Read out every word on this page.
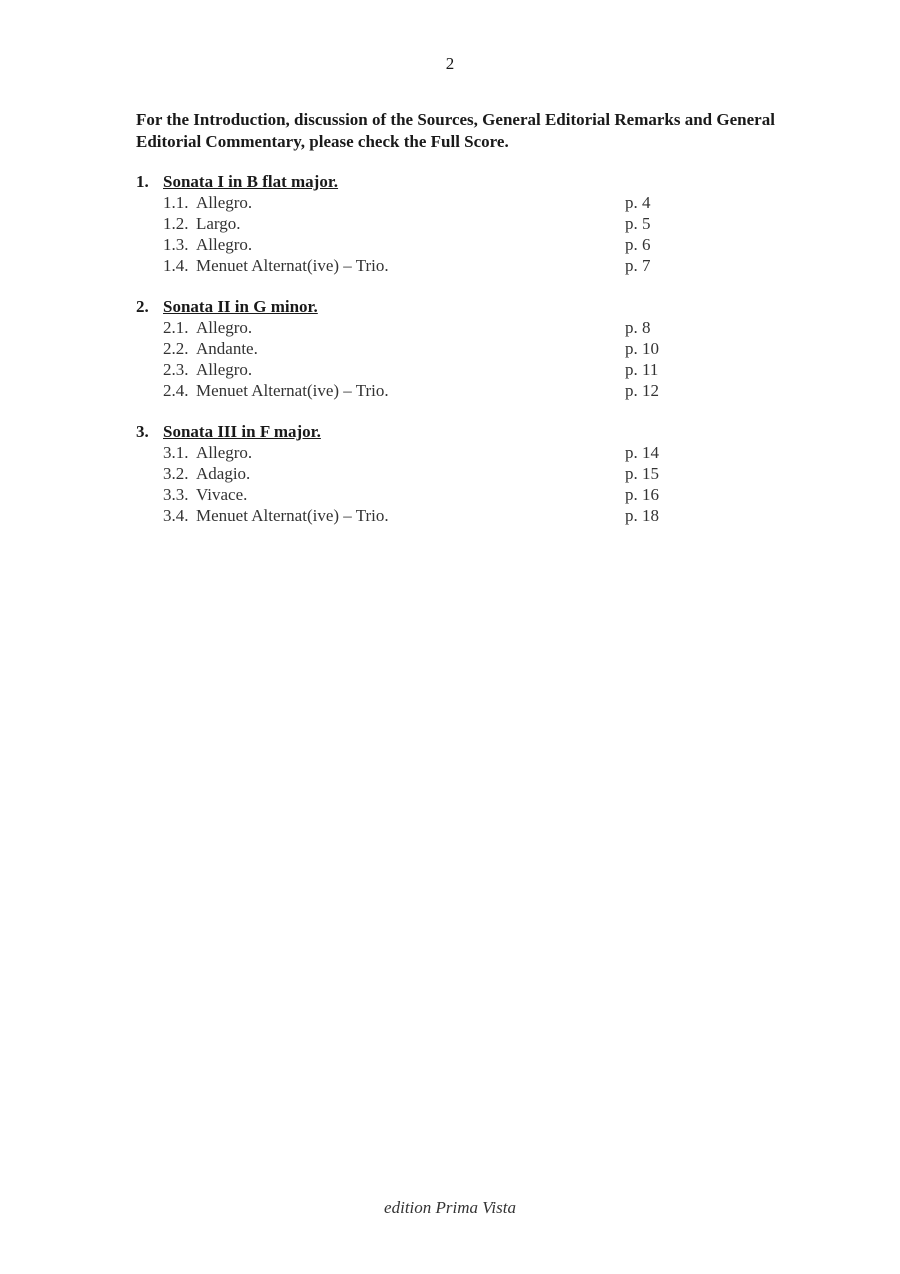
2
For the Introduction, discussion of the Sources, General Editorial Remarks and General Editorial Commentary, please check the Full Score.
1. Sonata I in B flat major.
1.1. Allegro.	p. 4
1.2. Largo.	p. 5
1.3. Allegro.	p. 6
1.4. Menuet Alternat(ive) – Trio.	p. 7
2. Sonata II in G minor.
2.1. Allegro.	p. 8
2.2. Andante.	p. 10
2.3. Allegro.	p. 11
2.4. Menuet Alternat(ive) – Trio.	p. 12
3. Sonata III in F major.
3.1. Allegro.	p. 14
3.2. Adagio.	p. 15
3.3. Vivace.	p. 16
3.4. Menuet Alternat(ive) – Trio.	p. 18
edition Prima Vista
